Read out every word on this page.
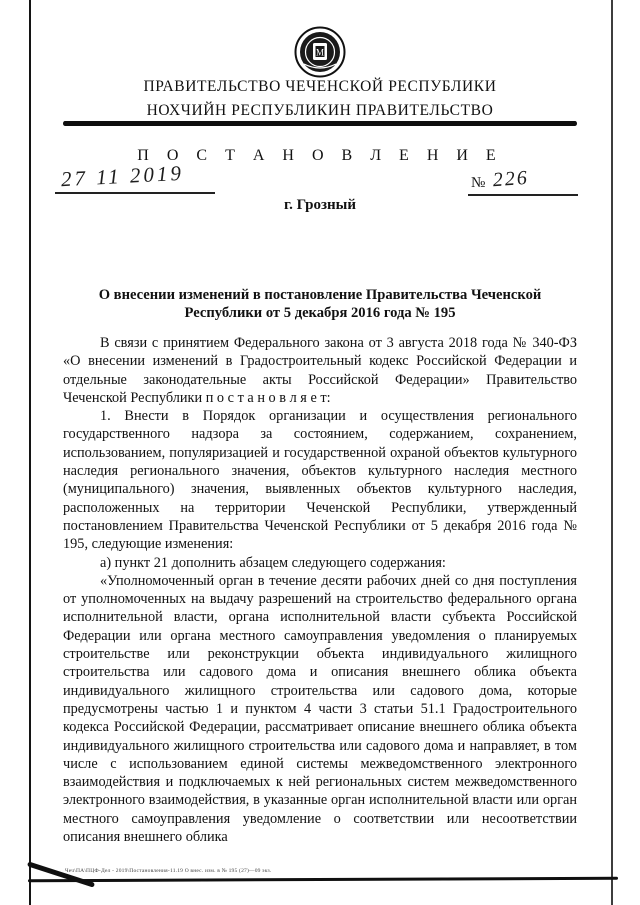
М
ПРАВИТЕЛЬСТВО ЧЕЧЕНСКОЙ РЕСПУБЛИКИ
НОХЧИЙН РЕСПУБЛИКИН ПРАВИТЕЛЬСТВО
П О С Т А Н О В Л Е Н И Е
27 11 2019	№ 226
г. Грозный
О внесении изменений в постановление Правительства Чеченской Республики от 5 декабря 2016 года № 195

В связи с принятием Федерального закона от 3 августа 2018 года № 340-ФЗ «О внесении изменений в Градостроительный кодекс Российской Федерации и отдельные законодательные акты Российской Федерации» Правительство Чеченской Республики п о с т а н о в л я е т:

1. Внести в Порядок организации и осуществления регионального государственного надзора за состоянием, содержанием, сохранением, использованием, популяризацией и государственной охраной объектов культурного наследия регионального значения, объектов культурного наследия местного (муниципального) значения, выявленных объектов культурного наследия, расположенных на территории Чеченской Республики, утвержденный постановлением Правительства Чеченской Республики от 5 декабря 2016 года № 195, следующие изменения:

а) пункт 21 дополнить абзацем следующего содержания:

«Уполномоченный орган в течение десяти рабочих дней со дня поступления от уполномоченных на выдачу разрешений на строительство федерального органа исполнительной власти, органа исполнительной власти субъекта Российской Федерации или органа местного самоуправления уведомления о планируемых строительстве или реконструкции объекта индивидуального жилищного строительства или садового дома и описания внешнего облика объекта индивидуального жилищного строительства или садового дома, которые предусмотрены частью 1 и пунктом 4 части 3 статьи 51.1 Градостроительного кодекса Российской Федерации, рассматривает описание внешнего облика объекта индивидуального жилищного строительства или садового дома и направляет, в том числе с использованием единой системы межведомственного электронного взаимодействия и подключаемых к ней региональных систем межведомственного электронного взаимодействия, в указанные орган исполнительной власти или орган местного самоуправления уведомление о соответствии или несоответствии описания внешнего облика

Чеч\ПА\ПЦФ-Дел - 2019\Постановления-11.19 О внес. изм. в № 195 (27)—09 экз.
